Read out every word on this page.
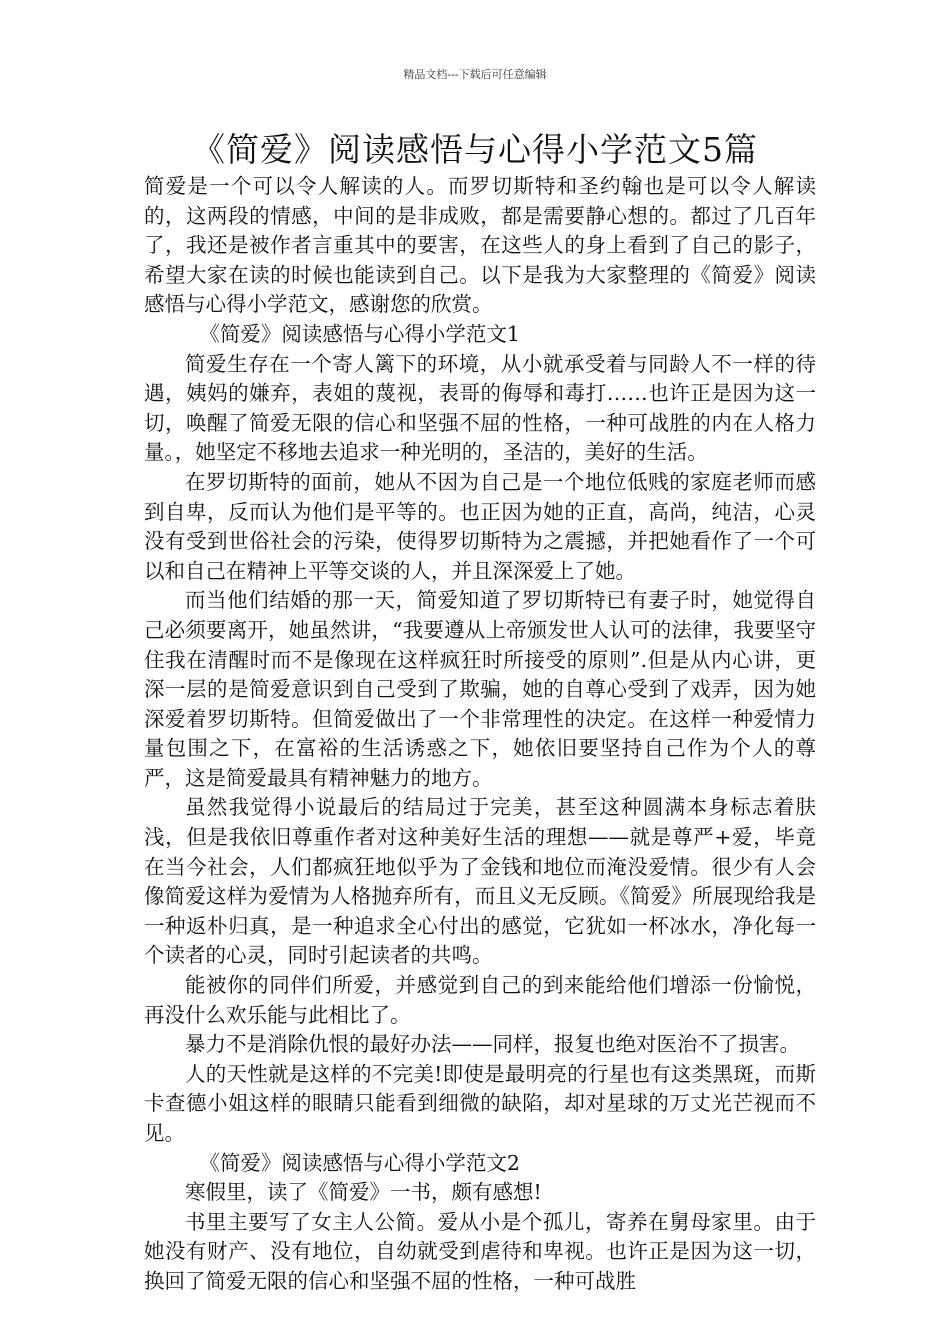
精品文档---下载后可任意编辑
《简爱》阅读感悟与心得小学范文5篇

简爱是一个可以令人解读的人。而罗切斯特和圣约翰也是可以令人解读的，这两段的情感，中间的是非成败，都是需要静心想的。都过了几百年了，我还是被作者言重其中的要害，在这些人的身上看到了自己的影子，希望大家在读的时候也能读到自己。以下是我为大家整理的《简爱》阅读感悟与心得小学范文，感谢您的欣赏。

《简爱》阅读感悟与心得小学范文1

简爱生存在一个寄人篱下的环境，从小就承受着与同龄人不一样的待遇，姨妈的嫌弃，表姐的蔑视，表哥的侮辱和毒打……也许正是因为这一切，唤醒了简爱无限的信心和坚强不屈的性格，一种可战胜的内在人格力量。，她坚定不移地去追求一种光明的，圣洁的，美好的生活。

在罗切斯特的面前，她从不因为自己是一个地位低贱的家庭老师而感到自卑，反而认为他们是平等的。也正因为她的正直，高尚，纯洁，心灵没有受到世俗社会的污染，使得罗切斯特为之震撼，并把她看作了一个可以和自己在精神上平等交谈的人，并且深深爱上了她。

而当他们结婚的那一天，简爱知道了罗切斯特已有妻子时，她觉得自己必须要离开，她虽然讲，“我要遵从上帝颁发世人认可的法律，我要坚守住我在清醒时而不是像现在这样疯狂时所接受的原则”.但是从内心讲，更深一层的是简爱意识到自己受到了欺骗，她的自尊心受到了戏弄，因为她深爱着罗切斯特。但简爱做出了一个非常理性的决定。在这样一种爱情力量包围之下，在富裕的生活诱惑之下，她依旧要坚持自己作为个人的尊严，这是简爱最具有精神魅力的地方。

虽然我觉得小说最后的结局过于完美，甚至这种圆满本身标志着肤浅，但是我依旧尊重作者对这种美好生活的理想——就是尊严+爱，毕竟在当今社会，人们都疯狂地似乎为了金钱和地位而淹没爱情。很少有人会像简爱这样为爱情为人格抛弃所有，而且义无反顾。《简爱》所展现给我是一种返朴归真，是一种追求全心付出的感觉，它犹如一杯冰水，净化每一个读者的心灵，同时引起读者的共鸣。

能被你的同伴们所爱，并感觉到自己的到来能给他们增添一份愉悦，再没什么欢乐能与此相比了。

暴力不是消除仇恨的最好办法——同样，报复也绝对医治不了损害。

人的天性就是这样的不完美!即使是最明亮的行星也有这类黑斑，而斯卡查德小姐这样的眼睛只能看到细微的缺陷，却对星球的万丈光芒视而不见。

《简爱》阅读感悟与心得小学范文2

寒假里，读了《简爱》一书，颇有感想!

书里主要写了女主人公简。爱从小是个孤儿，寄养在舅母家里。由于她没有财产、没有地位，自幼就受到虐待和卑视。也许正是因为这一切，换回了简爱无限的信心和坚强不屈的性格，一种可战胜
